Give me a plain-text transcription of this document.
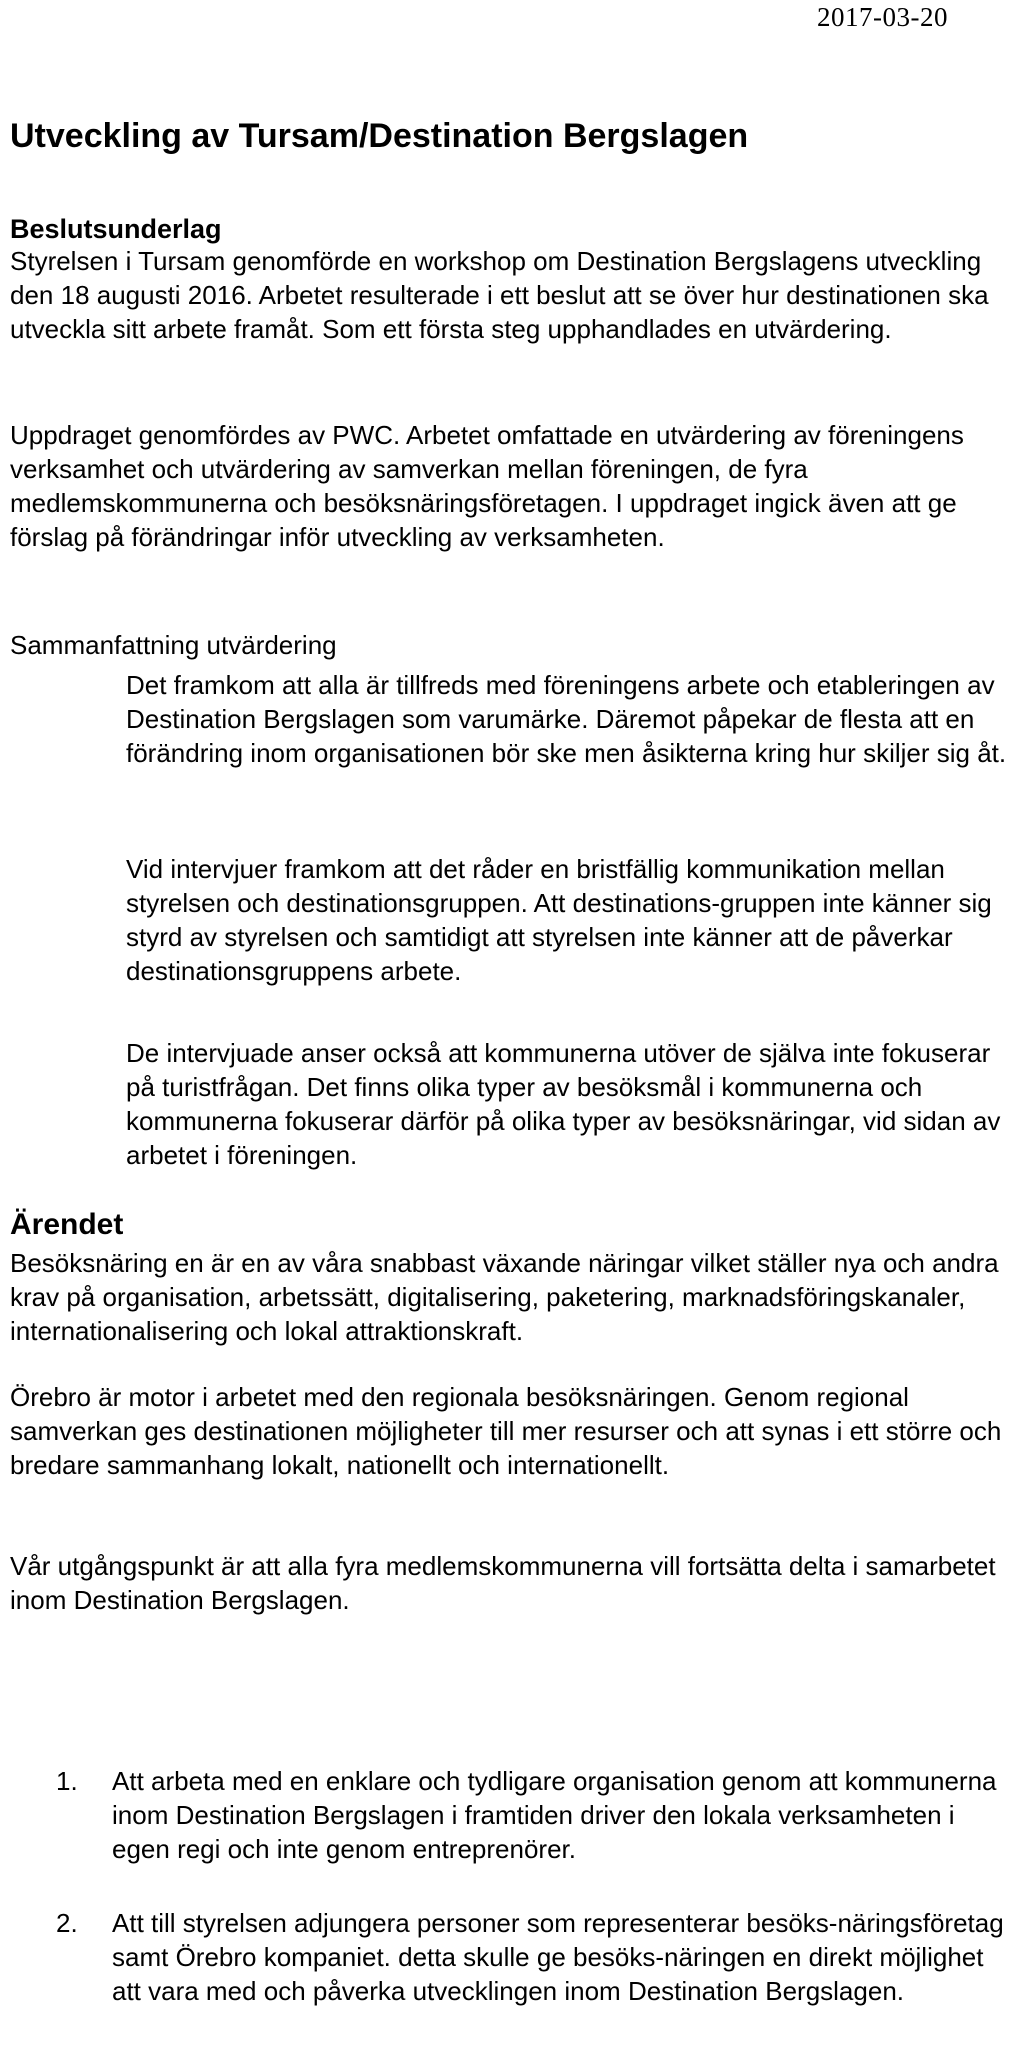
2017-03-20
Utveckling av Tursam/Destination Bergslagen
Beslutsunderlag

Styrelsen i Tursam genomförde en workshop om Destination Bergslagens utveckling den 18 augusti 2016. Arbetet resulterade i ett beslut att se över hur destinationen ska utveckla sitt arbete framåt. Som ett första steg upphandlades en utvärdering.

Uppdraget genomfördes av PWC. Arbetet omfattade en utvärdering av föreningens verksamhet och utvärdering av samverkan mellan föreningen, de fyra medlemskommunerna och besöksnäringsföretagen. I uppdraget ingick även att ge förslag på förändringar inför utveckling av verksamheten.

Sammanfattning utvärdering

Det framkom att alla är tillfreds med föreningens arbete och etableringen av Destination Bergslagen som varumärke. Däremot påpekar de flesta att en förändring inom organisationen bör ske men åsikterna kring hur skiljer sig åt.

Vid intervjuer framkom att det råder en bristfällig kommunikation mellan styrelsen och destinationsgruppen. Att destinations-gruppen inte känner sig styrd av styrelsen och samtidigt att styrelsen inte känner att de påverkar destinationsgruppens arbete.

De intervjuade anser också att kommunerna utöver de själva inte fokuserar på turistfrågan. Det finns olika typer av besöksmål i kommunerna och kommunerna fokuserar därför på olika typer av besöksnäringar, vid sidan av arbetet i föreningen.

Ärendet

Besöksnäring en är en av våra snabbast växande näringar vilket ställer nya och andra krav på organisation, arbetssätt, digitalisering, paketering, marknadsföringskanaler, internationalisering och lokal attraktionskraft.

Örebro är motor i arbetet med den regionala besöksnäringen. Genom regional samverkan ges destinationen möjligheter till mer resurser och att synas i ett större och bredare sammanhang lokalt, nationellt och internationellt.

Vår utgångspunkt är att alla fyra medlemskommunerna vill fortsätta delta i samarbetet inom Destination Bergslagen.

1.	Att arbeta med en enklare och tydligare organisation genom att kommunerna inom Destination Bergslagen i framtiden driver den lokala verksamheten i egen regi och inte genom entreprenörer.
2.	Att till styrelsen adjungera personer som representerar besöks-näringsföretag samt Örebro kompaniet. detta skulle ge besöks-näringen en direkt möjlighet att vara med och påverka utvecklingen inom Destination Bergslagen.
